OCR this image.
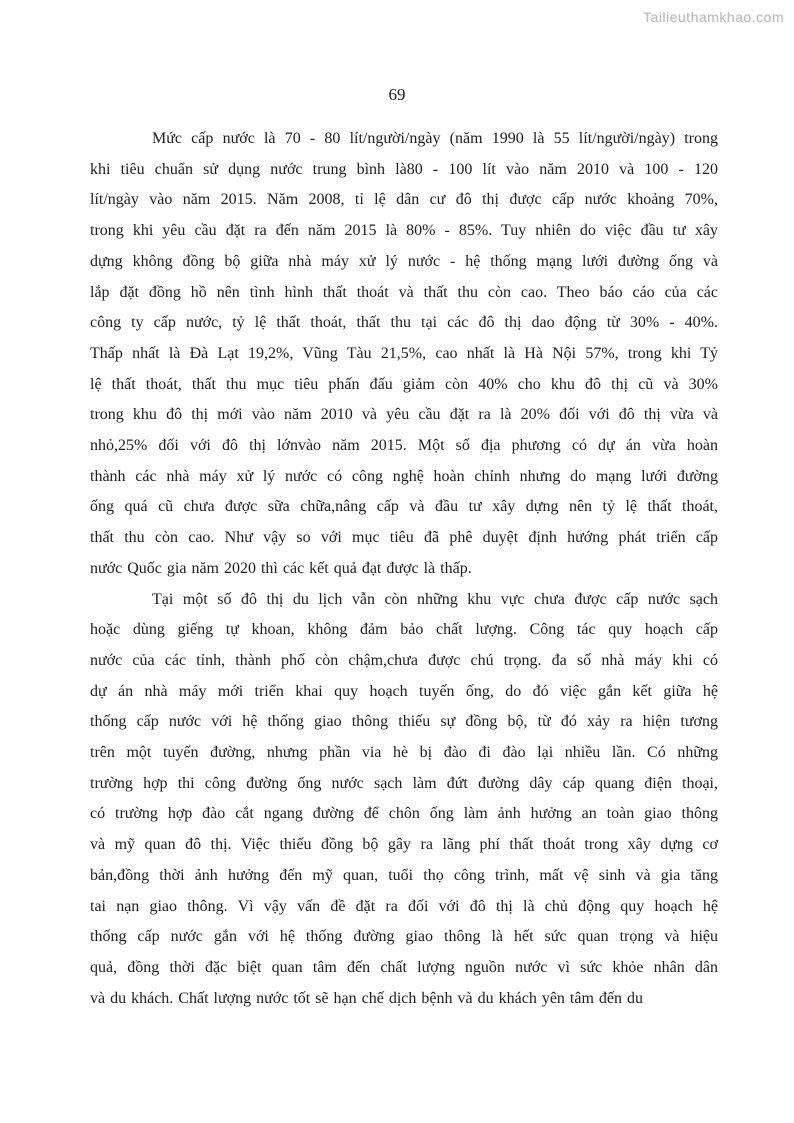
Tailieuthamkhao.com
69
Mức cấp nước là 70 - 80 lít/người/ngày (năm 1990 là 55 lít/người/ngày) trong
khi tiêu chuẩn sử dụng nước trung bình là80 - 100 lít vào năm 2010 và 100 - 120
lít/ngày vào năm 2015. Năm 2008, tỉ lệ dân cư đô thị được cấp nước khoảng 70%,
trong khi yêu cầu đặt ra đến năm 2015 là 80% - 85%. Tuy nhiên do việc đầu tư xây
dựng không đồng bộ giữa nhà máy xử lý nước - hệ thống mạng lưới đường ống và
lắp đặt đồng hồ nên tình hình thất thoát và thất thu còn cao. Theo báo cáo của các
công ty cấp nước, tỷ lệ thất thoát, thất thu tại các đô thị dao động từ 30% - 40%.
Thấp nhất là Đà Lạt 19,2%, Vũng Tàu 21,5%, cao nhất là Hà Nội 57%, trong khi Tỷ
lệ thất thoát, thất thu mục tiêu phấn đấu giảm còn 40% cho khu đô thị cũ và 30%
trong khu đô thị mới vào năm 2010 và yêu cầu đặt ra là 20% đối với đô thị vừa và
nhỏ,25% đối với đô thị lớnvào năm 2015. Một số địa phương có dự án vừa hoàn
thành các nhà máy xử lý nước có công nghệ hoàn chỉnh nhưng do mạng lưới đường
ống quá cũ chưa được sữa chữa,nâng cấp và đầu tư xây dựng nên tỷ lệ thất thoát,
thất thu còn cao. Như vậy so với mục tiêu đã phê duyệt định hướng phát triển cấp
nước Quốc gia năm 2020 thì các kết quả đạt được là thấp.
Tại một số đô thị du lịch vẫn còn những khu vực chưa được cấp nước sạch
hoặc dùng giếng tự khoan, không đảm bảo chất lượng. Công tác quy hoạch cấp
nước của các tỉnh, thành phố còn chậm,chưa được chú trọng. đa số nhà máy khi có
dự án nhà máy mới triển khai quy hoạch tuyến ống, do đó việc gắn kết giữa hệ
thống cấp nước với hệ thống giao thông thiếu sự đồng bộ, từ đó xảy ra hiện tương
trên một tuyến đường, nhưng phần via hè bị đào đi đào lại nhiều lần. Có những
trường hợp thi công đường ống nước sạch làm đứt đường dây cáp quang điện thoại,
có trường hợp đào cắt ngang đường để chôn ống làm ảnh hưởng an toàn giao thông
và mỹ quan đô thị. Việc thiếu đồng bộ gây ra lãng phí thất thoát trong xây dựng cơ
bản,đồng thời ảnh hưởng đến mỹ quan, tuổi thọ công trình, mất vệ sinh và gia tăng
tai nạn giao thông. Vì vậy vấn đề đặt ra đối với đô thị là chủ động quy hoạch hệ
thống cấp nước gắn với hệ thống đường giao thông là hết sức quan trọng và hiệu
quả, đồng thời đặc biệt quan tâm đến chất lượng nguồn nước vì sức khỏe nhân dân
và du khách. Chất lượng nước tốt sẽ hạn chế dịch bệnh và du khách yên tâm đến du
